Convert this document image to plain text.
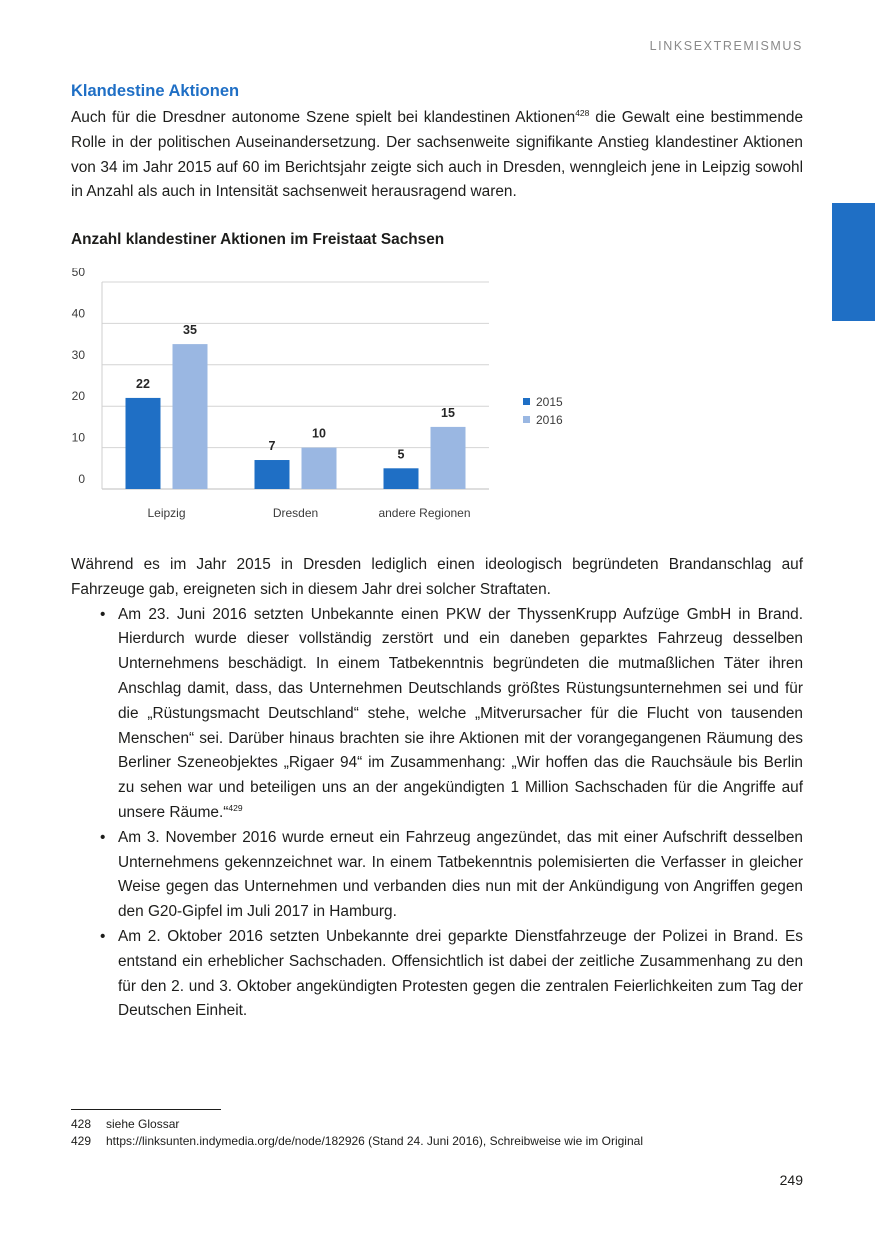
LINKSEXTREMISMUS
Klandestine Aktionen

Auch für die Dresdner autonome Szene spielt bei klandestinen Aktionen$^{428}$ die Gewalt eine bestimmende Rolle in der politischen Auseinandersetzung. Der sachsenweite signifikante Anstieg klandestiner Aktionen von 34 im Jahr 2015 auf 60 im Berichtsjahr zeigte sich auch in Dresden, wenngleich jene in Leipzig sowohl in Anzahl als auch in Intensität sachsenweit herausragend waren.

Anzahl klandestiner Aktionen im Freistaat Sachsen
0
10
20
30
40
50
22
35
7
10
5
15
Leipzig	Dresden	andere Regionen
2015
2016

Während es im Jahr 2015 in Dresden lediglich einen ideologisch begründeten Brandanschlag auf Fahrzeuge gab, ereigneten sich in diesem Jahr drei solcher Straftaten.

• Am 23. Juni 2016 setzten Unbekannte einen PKW der ThyssenKrupp Aufzüge GmbH in Brand. Hierdurch wurde dieser vollständig zerstört und ein daneben geparktes Fahrzeug desselben Unternehmens beschädigt. In einem Tatbekenntnis begründeten die mutmaßlichen Täter ihren Anschlag damit, dass, das Unternehmen Deutschlands größtes Rüstungsunternehmen sei und für die „Rüstungsmacht Deutschland“ stehe, welche „Mitverursacher für die Flucht von tausenden Menschen“ sei. Darüber hinaus brachten sie ihre Aktionen mit der vorangegangenen Räumung des Berliner Szeneobjektes „Rigaer 94“ im Zusammenhang: „Wir hoffen das die Rauchsäule bis Berlin zu sehen war und beteiligen uns an der angekündigten 1 Million Sachschaden für die Angriffe auf unsere Räume.“$^{429}$
• Am 3. November 2016 wurde erneut ein Fahrzeug angezündet, das mit einer Aufschrift desselben Unternehmens gekennzeichnet war. In einem Tatbekenntnis polemisierten die Verfasser in gleicher Weise gegen das Unternehmen und verbanden dies nun mit der Ankündigung von Angriffen gegen den G20-Gipfel im Juli 2017 in Hamburg.
• Am 2. Oktober 2016 setzten Unbekannte drei geparkte Dienstfahrzeuge der Polizei in Brand. Es entstand ein erheblicher Sachschaden. Offensichtlich ist dabei der zeitliche Zusammenhang zu den für den 2. und 3. Oktober angekündigten Protesten gegen die zentralen Feierlichkeiten zum Tag der Deutschen Einheit.
428	siehe Glossar
429	https://linksunten.indymedia.org/de/node/182926 (Stand 24. Juni 2016), Schreibweise wie im Original
249
